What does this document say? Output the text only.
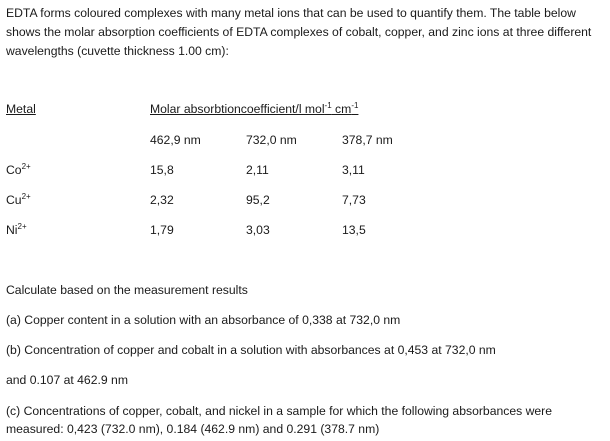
EDTA forms coloured complexes with many metal ions that can be used to quantify them. The table below shows the molar absorption coefficients of EDTA complexes of cobalt, copper, and zinc ions at three different wavelengths (cuvette thickness 1.00 cm):
Metal	Molar absorbtioncoefficient/l mol$^{-1}$ $cm^{-1}$
462,9 nm	732,0 nm	378,7 nm
$Co^{2+}$	15,8	2,11	3,11
$Cu^{2+}$	2,32	95,2	7,73
$Ni^{2+}$	1,79	3,03	13,5
Calculate based on the measurement results
(a) Copper content in a solution with an absorbance of 0,338 at 732,0 nm
(b) Concentration of copper and cobalt in a solution with absorbances at 0,453 at 732,0 nm
and 0.107 at 462.9 nm
(c) Concentrations of copper, cobalt, and nickel in a sample for which the following absorbances were measured: 0,423 (732.0 nm), 0.184 (462.9 nm) and 0.291 (378.7 nm)
